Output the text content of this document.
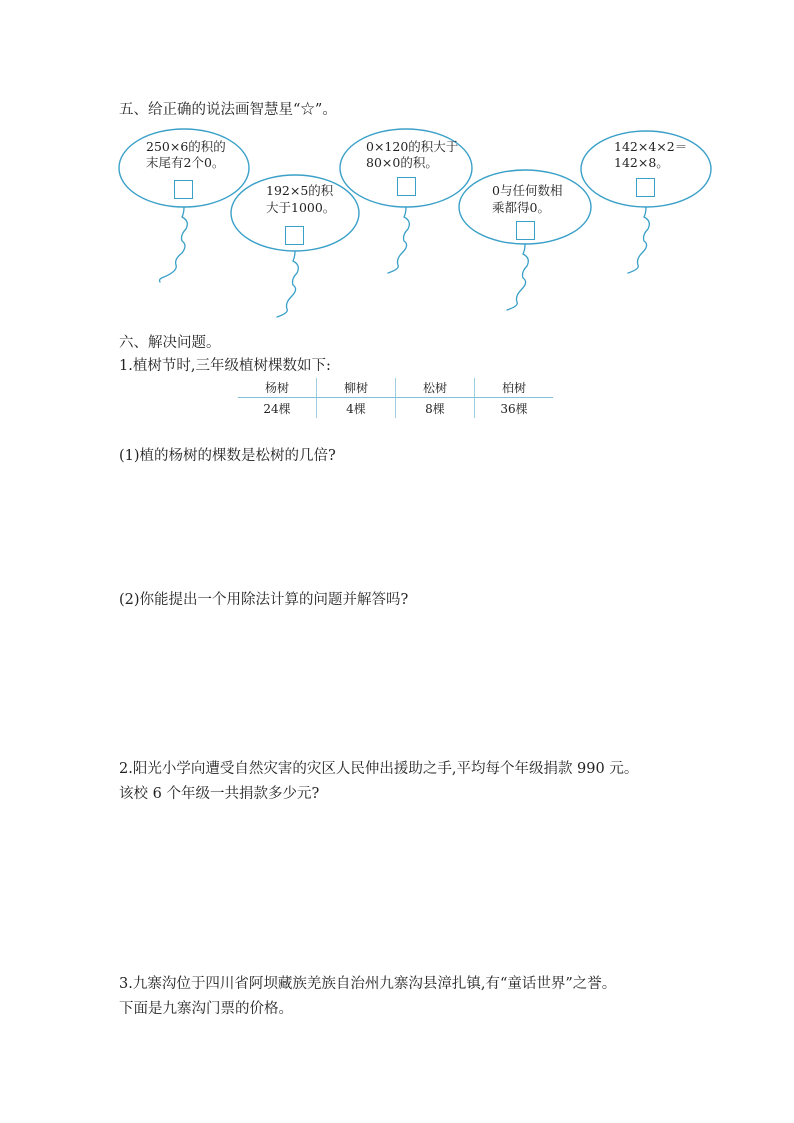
五、给正确的说法画智慧星“☆”。
250×6的积的
末尾有2个0。
192×5的积
大于1000。
0×120的积大于
80×0的积。
0与任何数相
乘都得0。
142×4×2＝
142×8。
六、解决问题。
1.植树节时,三年级植树棵数如下:
杨树	柳树	松树	柏树
24棵	4棵	8棵	36棵
(1)植的杨树的棵数是松树的几倍?
(2)你能提出一个用除法计算的问题并解答吗?
2.阳光小学向遭受自然灾害的灾区人民伸出援助之手,平均每个年级捐款 990 元。
该校 6 个年级一共捐款多少元?
3.九寨沟位于四川省阿坝藏族羌族自治州九寨沟县漳扎镇,有“童话世界”之誉。
下面是九寨沟门票的价格。
